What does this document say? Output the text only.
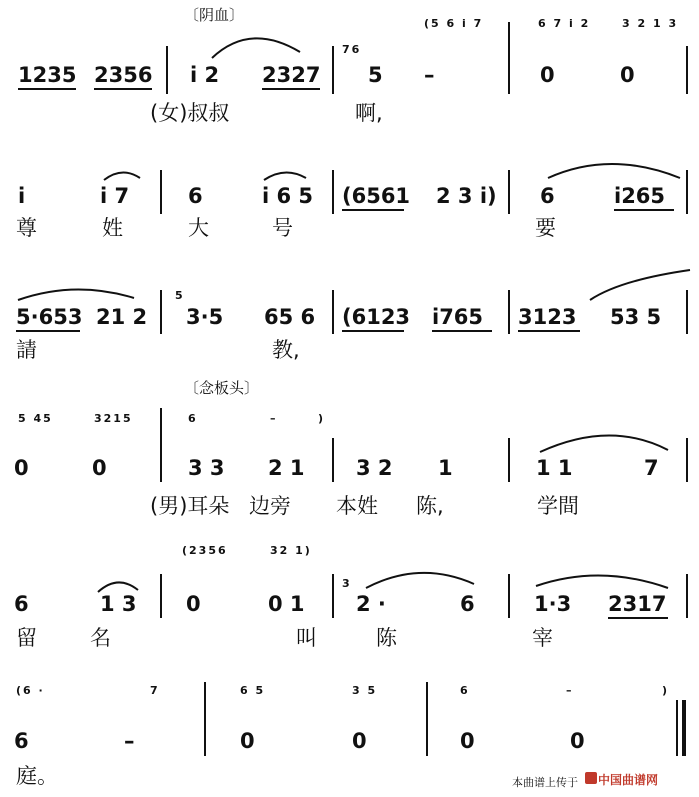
〔阴血〕	(5 6 i 7	6 7 i 2	3 2 1 3
1235 2356 i 2 2327
76
5 –	0	0
(女)叔叔	啊,
i	i 7	6	i 6 5 (6561 2 3 i) 6	i265
尊	姓	大	号	要
5·653 21 2
5
3·5 65 6 (6123 i765 3123 53 5
請	教,
〔念板头〕
5 45	3215	6	–	)
0	0	3 3 2 1 3 2 1	1 1	7
(男)耳朵 边旁 本姓 陈,	学間
(2356	32 1)
6	1 3 0	0 1
3
2 ·	6	1·3 2317
留	名	叫	陈	宰
(6 ·	7	6 5	3 5	6	–	)
6	–	0	0	0	0
庭。	本曲谱上传于 中国曲谱网
